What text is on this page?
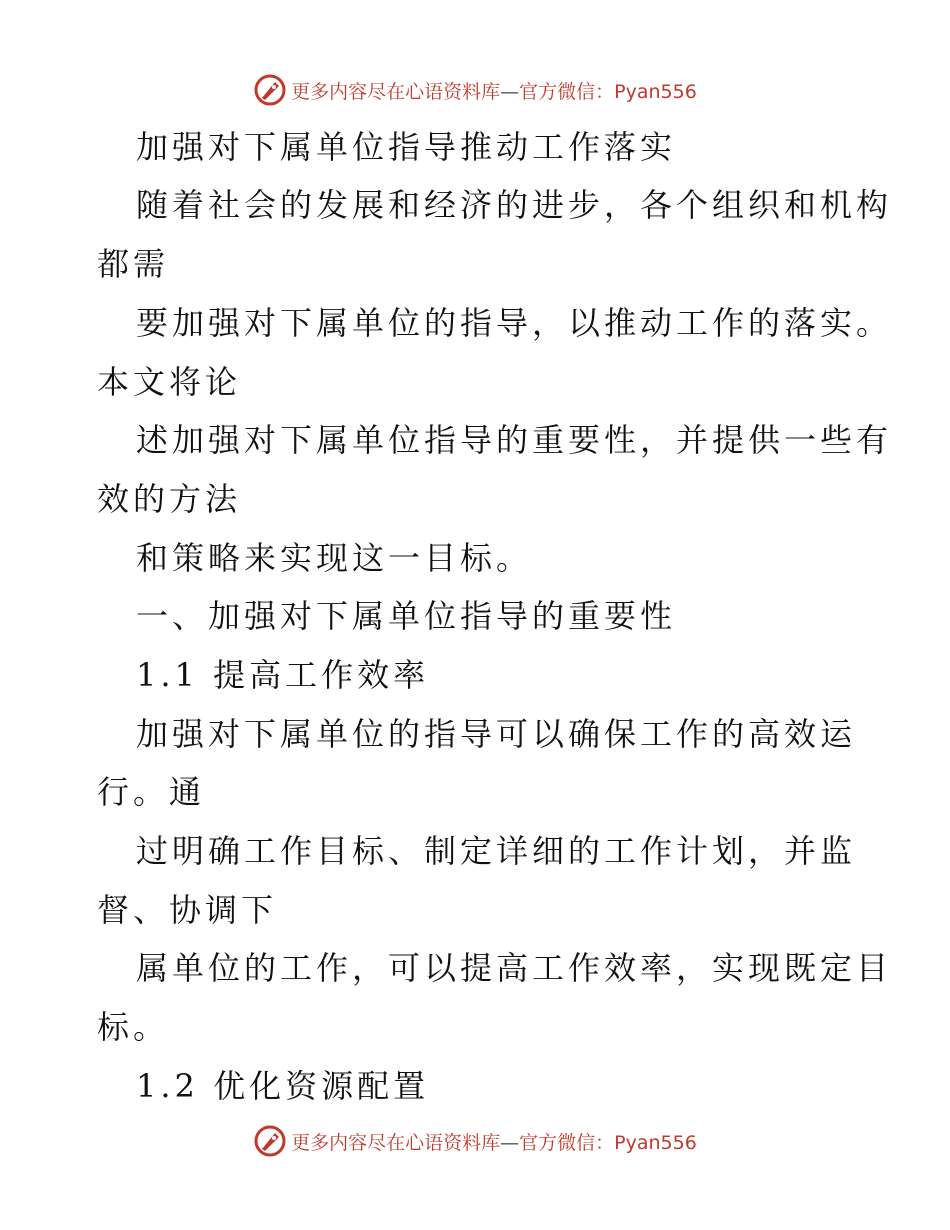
更多内容尽在心语资料库—官方微信：Pyan556
加强对下属单位指导推动工作落实
随着社会的发展和经济的进步，各个组织和机构
都需
要加强对下属单位的指导，以推动工作的落实。
本文将论
述加强对下属单位指导的重要性，并提供一些有
效的方法
和策略来实现这一目标。
一、加强对下属单位指导的重要性
1.1 提高工作效率
加强对下属单位的指导可以确保工作的高效运
行。通
过明确工作目标、制定详细的工作计划，并监
督、协调下
属单位的工作，可以提高工作效率，实现既定目
标。
1.2 优化资源配置
更多内容尽在心语资料库—官方微信：Pyan556
